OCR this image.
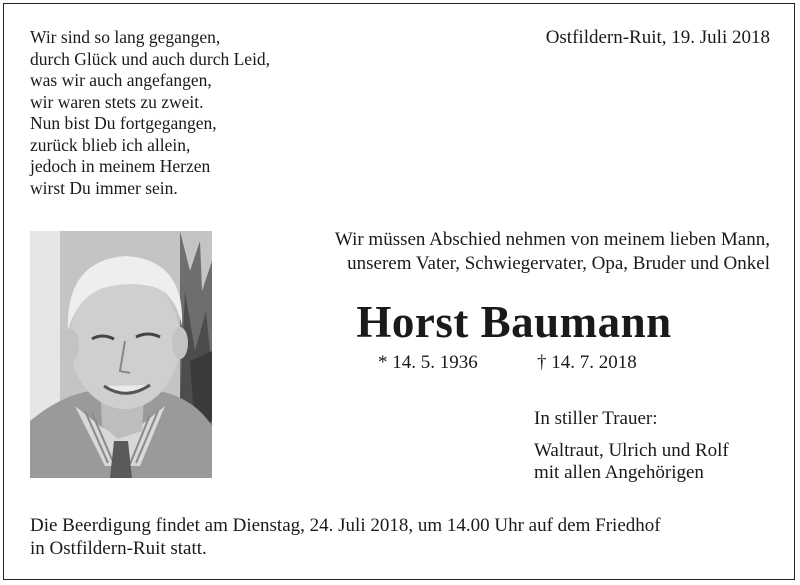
Wir sind so lang gegangen,
durch Glück und auch durch Leid,
was wir auch angefangen,
wir waren stets zu zweit.
Nun bist Du fortgegangen,
zurück blieb ich allein,
jedoch in meinem Herzen
wirst Du immer sein.
Ostfildern-Ruit, 19. Juli 2018
Wir müssen Abschied nehmen von meinem lieben Mann,
unserem Vater, Schwiegervater, Opa, Bruder und Onkel
Horst Baumann
* 14. 5. 1936	† 14. 7. 2018
In stiller Trauer:
Waltraut, Ulrich und Rolf
mit allen Angehörigen
Die Beerdigung findet am Dienstag, 24. Juli 2018, um 14.00 Uhr auf dem Friedhof
in Ostfildern-Ruit statt.
